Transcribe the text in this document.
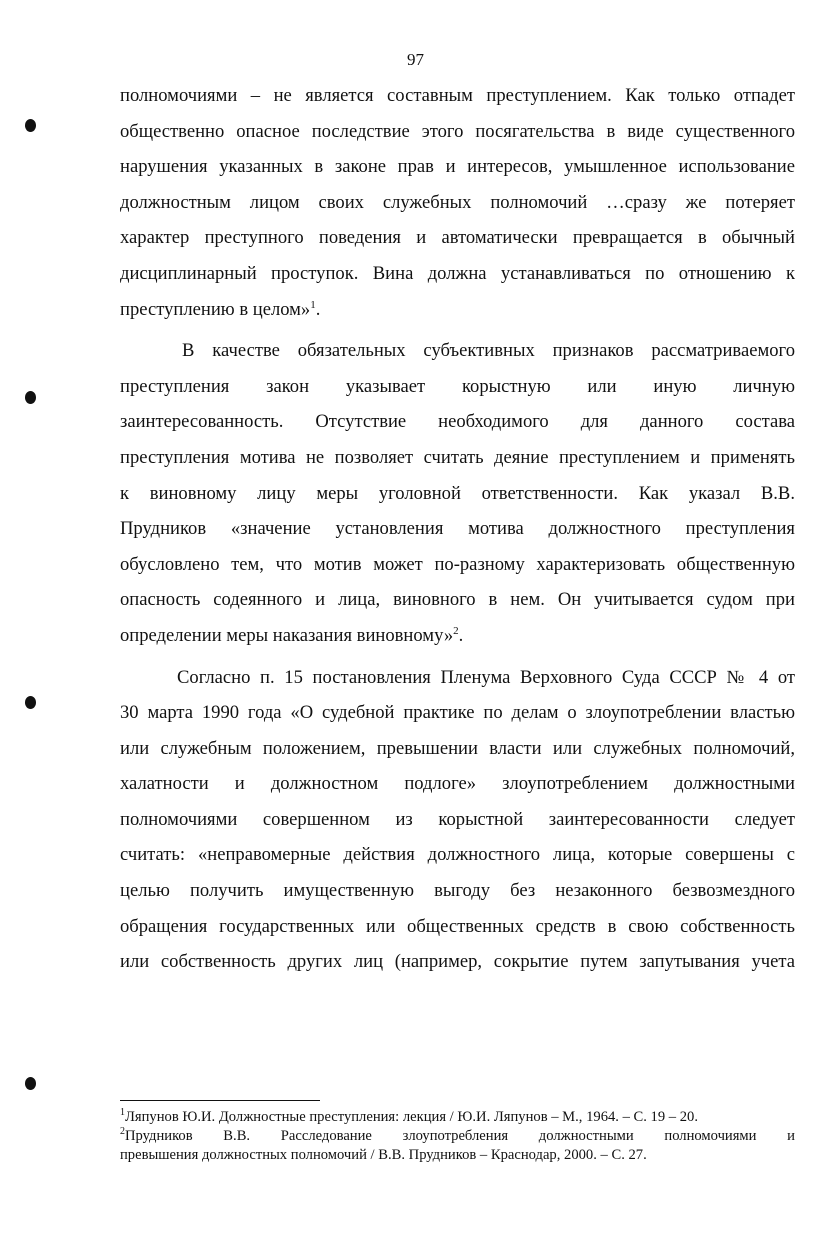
97
полномочиями – не является составным преступлением. Как только отпадет
общественно опасное последствие этого посягательства в виде существенного
нарушения указанных в законе прав и интересов, умышленное использование
должностным лицом своих служебных полномочий …сразу же потеряет
характер преступного поведения и автоматически превращается в обычный
дисциплинарный проступок. Вина должна устанавливаться по отношению к
преступлению в целом»$^1$.
В качестве обязательных субъективных признаков рассматриваемого
преступления закон указывает корыстную или иную личную
заинтересованность. Отсутствие необходимого для данного состава
преступления мотива не позволяет считать деяние преступлением и применять
к виновному лицу меры уголовной ответственности. Как указал В.В.
Прудников «значение установления мотива должностного преступления
обусловлено тем, что мотив может по-разному характеризовать общественную
опасность содеянного и лица, виновного в нем. Он учитывается судом при
определении меры наказания виновному»$^2$.
Согласно п. 15 постановления Пленума Верховного Суда СССР № 4 от
30 марта 1990 года «О судебной практике по делам о злоупотреблении властью
или служебным положением, превышении власти или служебных полномочий,
халатности и должностном подлоге» злоупотреблением должностными
полномочиями совершенном из корыстной заинтересованности следует
считать: «неправомерные действия должностного лица, которые совершены с
целью получить имущественную выгоду без незаконного безвозмездного
обращения государственных или общественных средств в свою собственность
или собственность других лиц (например, сокрытие путем запутывания учета
$^1$Ляпунов Ю.И. Должностные преступления: лекция / Ю.И. Ляпунов – М., 1964. – С. 19 – 20.
$^2$Прудников В.В. Расследование злоупотребления должностными полномочиями и
превышения должностных полномочий / В.В. Прудников – Краснодар, 2000. – С. 27.
